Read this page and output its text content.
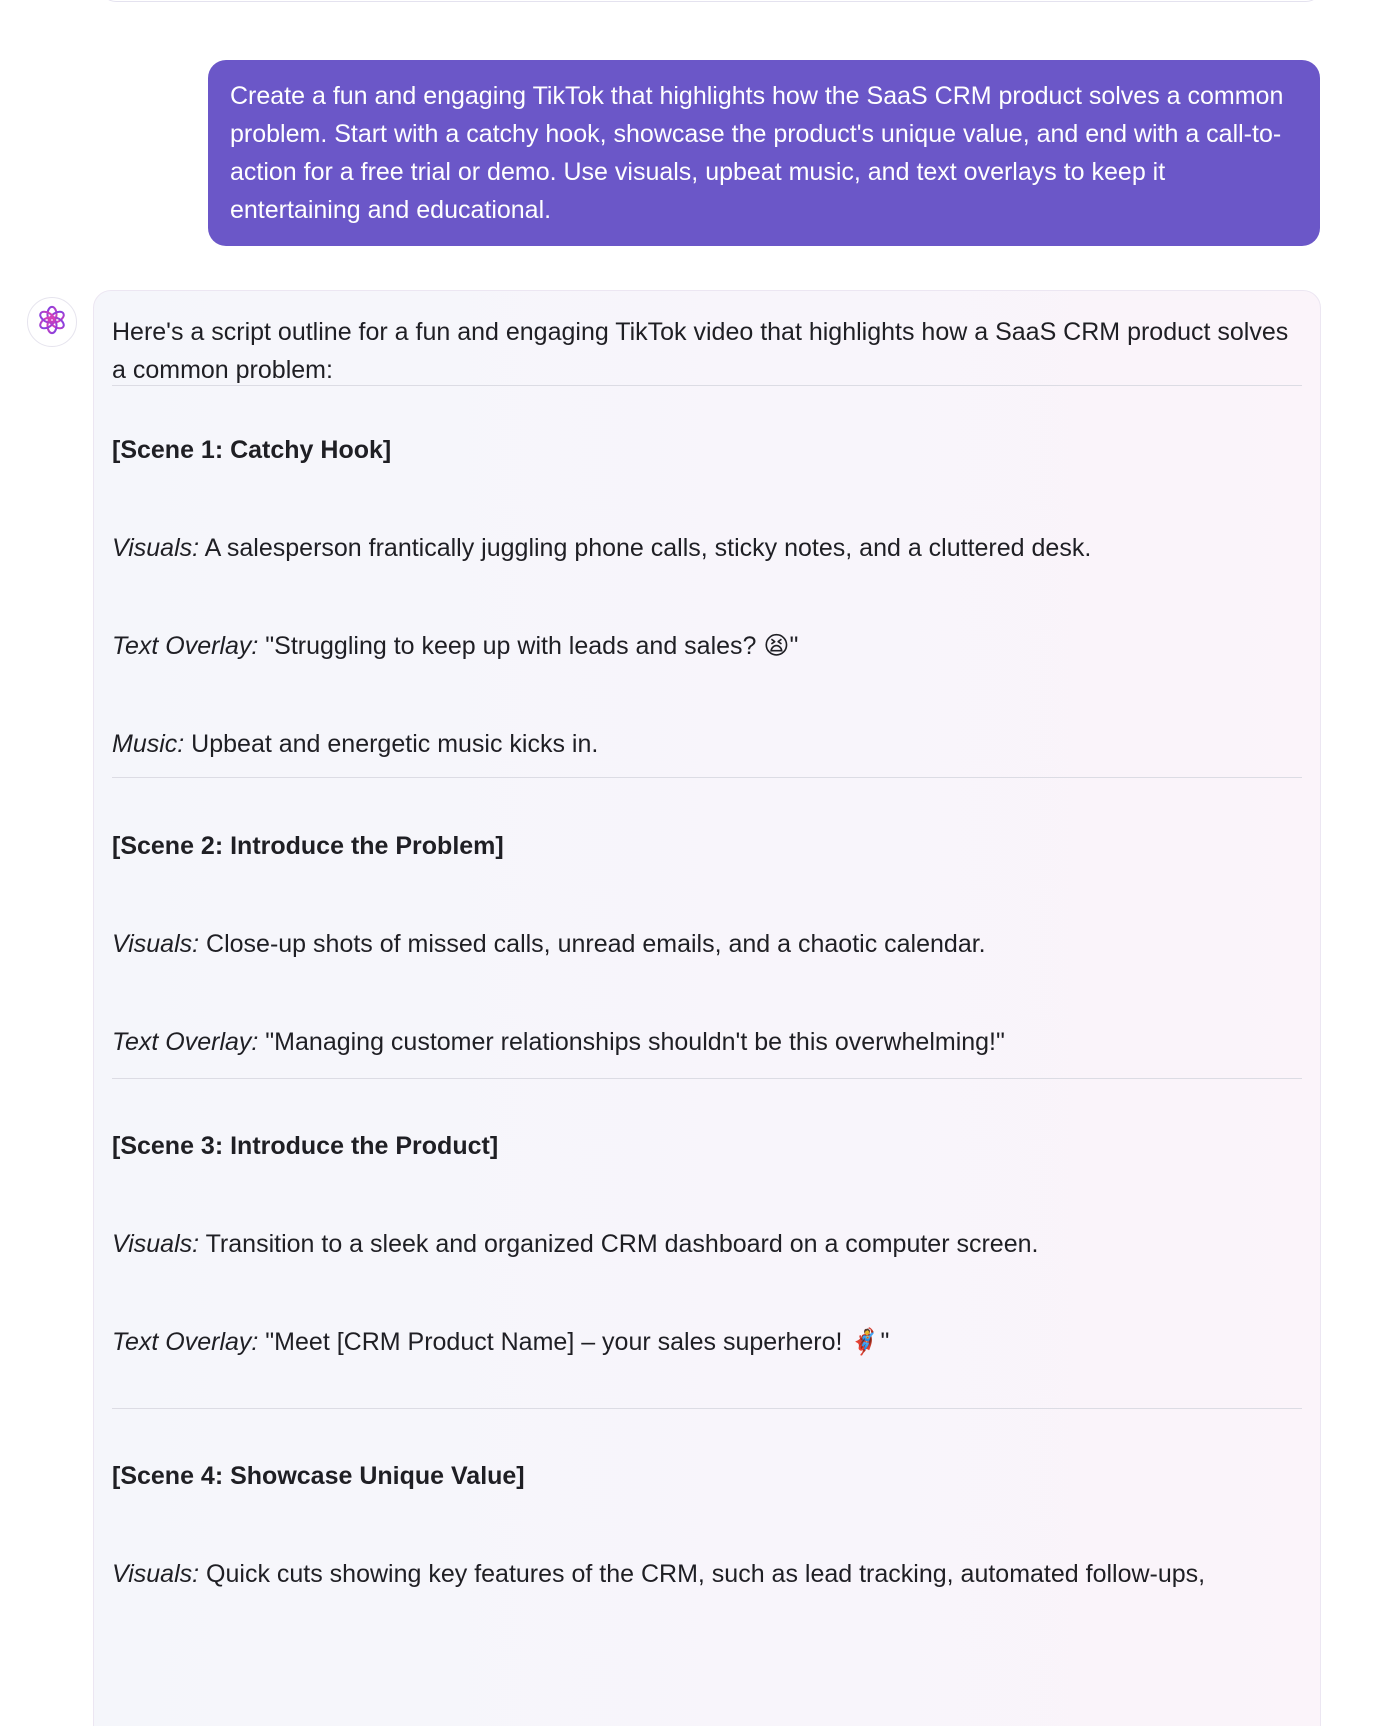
Create a fun and engaging TikTok that highlights how the SaaS CRM product solves a common problem. Start with a catchy hook, showcase the product's unique value, and end with a call-to-action for a free trial or demo. Use visuals, upbeat music, and text overlays to keep it entertaining and educational.
Here's a script outline for a fun and engaging TikTok video that highlights how a SaaS CRM product solves a common problem:
[Scene 1: Catchy Hook]
Visuals: A salesperson frantically juggling phone calls, sticky notes, and a cluttered desk.
Text Overlay: "Struggling to keep up with leads and sales? 😫"
Music: Upbeat and energetic music kicks in.
[Scene 2: Introduce the Problem]
Visuals: Close-up shots of missed calls, unread emails, and a chaotic calendar.
Text Overlay: "Managing customer relationships shouldn't be this overwhelming!"
[Scene 3: Introduce the Product]
Visuals: Transition to a sleek and organized CRM dashboard on a computer screen.
Text Overlay: "Meet [CRM Product Name] – your sales superhero! 🦸"
[Scene 4: Showcase Unique Value]
Visuals: Quick cuts showing key features of the CRM, such as lead tracking, automated follow-ups,
